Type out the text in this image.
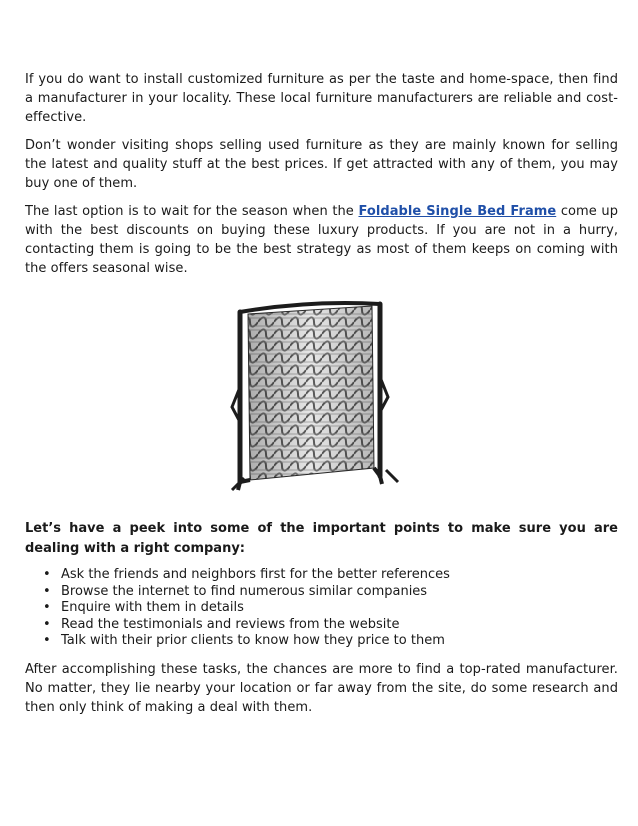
If you do want to install customized furniture as per the taste and home-space, then find a manufacturer in your locality. These local furniture manufacturers are reliable and cost-effective.

Don’t wonder visiting shops selling used furniture as they are mainly known for selling the latest and quality stuff at the best prices. If get attracted with any of them, you may buy one of them.

The last option is to wait for the season when the Foldable Single Bed Frame come up with the best discounts on buying these luxury products. If you are not in a hurry, contacting them is going to be the best strategy as most of them keeps on coming with the offers seasonal wise.

Let’s have a peek into some of the important points to make sure you are dealing with a right company:
• Ask the friends and neighbors first for the better references
• Browse the internet to find numerous similar companies
• Enquire with them in details
• Read the testimonials and reviews from the website
• Talk with their prior clients to know how they price to them

After accomplishing these tasks, the chances are more to find a top-rated manufacturer. No matter, they lie nearby your location or far away from the site, do some research and then only think of making a deal with them.
